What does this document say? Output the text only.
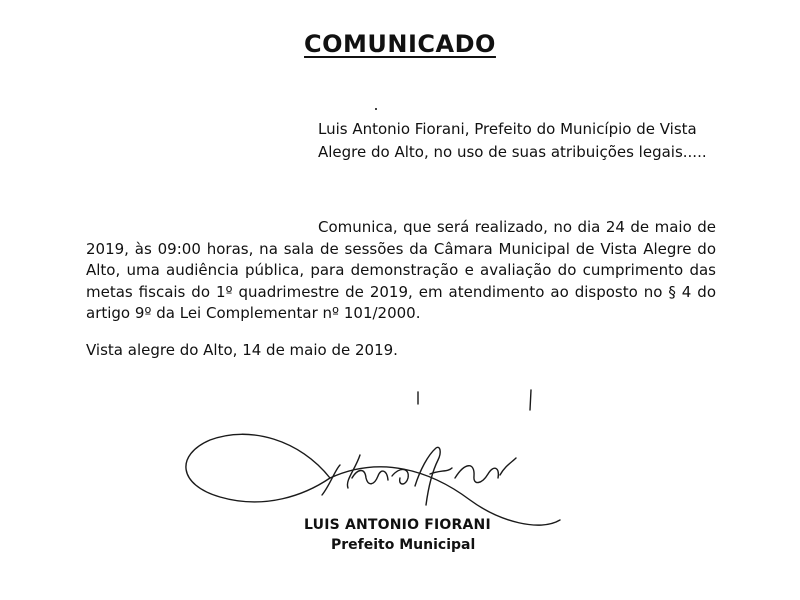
COMUNICADO
Luis Antonio Fiorani, Prefeito do Município de Vista Alegre do Alto, no uso de suas atribuições legais.....
Comunica, que será realizado, no dia 24 de maio de 2019, às 09:00 horas, na sala de sessões da Câmara Municipal de Vista Alegre do Alto, uma audiência pública, para demonstração e avaliação do cumprimento das metas fiscais do 1º quadrimestre de 2019, em atendimento ao disposto no § 4 do artigo 9º da Lei Complementar nº 101/2000.
Vista alegre do Alto, 14 de maio de 2019.
LUIS ANTONIO FIORANI
Prefeito Municipal
